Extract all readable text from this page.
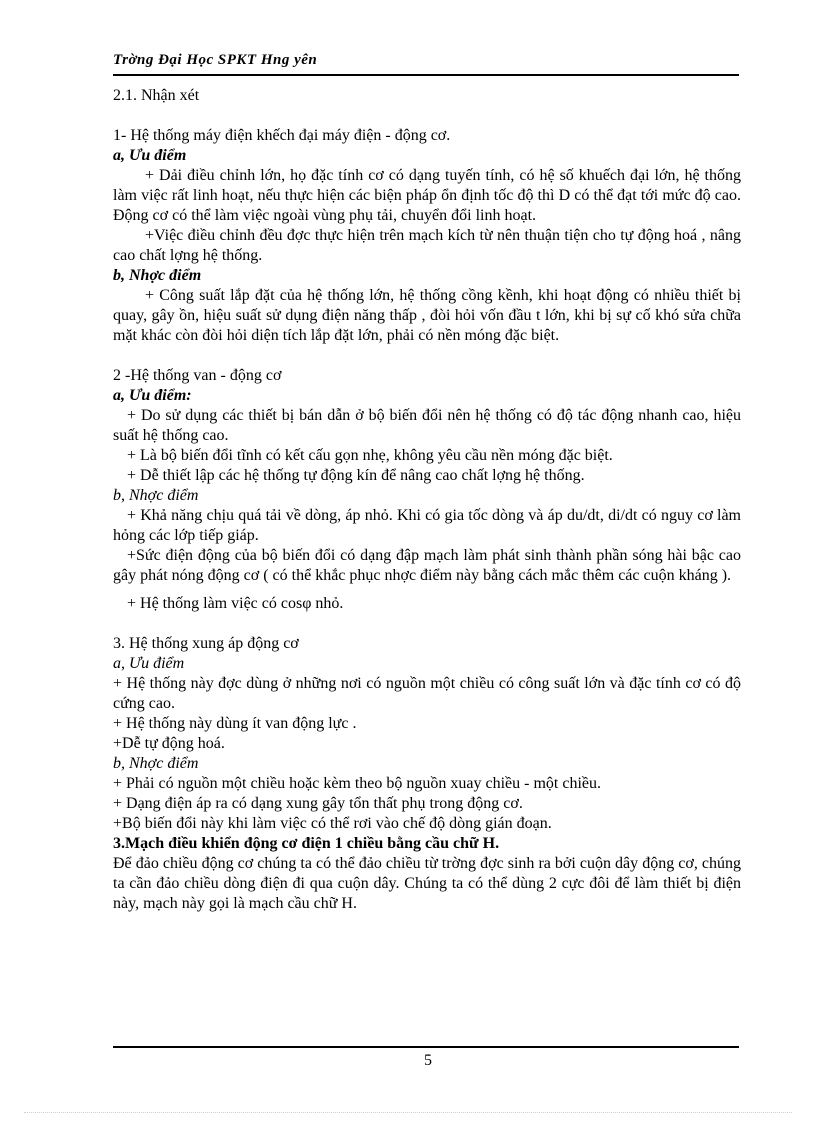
Trờng Đại Học SPKT Hng yên

2.1. Nhận xét

1- Hệ thống máy điện khếch đại máy điện - động cơ.

a, Ưu điểm

+ Dải điều chỉnh lớn, họ đặc tính cơ có dạng tuyến tính, có hệ số khuếch đại lớn, hệ thống làm việc rất linh hoạt, nếu thực hiện các biện pháp ổn định tốc độ thì D có thể đạt tới mức độ cao. Động cơ có thể làm việc ngoài vùng phụ tải, chuyển đổi linh hoạt.

+Việc điều chỉnh đều đợc thực hiện trên mạch kích từ nên thuận tiện cho tự động hoá , nâng cao chất lợng hệ thống.

b, Nhợc điểm

+ Công suất lắp đặt của hệ thống lớn, hệ thống cồng kềnh, khi hoạt động có nhiều thiết bị quay, gây ồn, hiệu suất sử dụng điện năng thấp , đòi hỏi vốn đầu t lớn, khi bị sự cố khó sửa chữa mặt khác còn đòi hỏi diện tích lắp đặt lớn, phải có nền móng đặc biệt.

2 -Hệ thống van - động cơ

a, Ưu điểm:

+ Do sử dụng các thiết bị bán dẫn ở bộ biến đổi nên hệ thống có độ tác động nhanh cao, hiệu suất hệ thống cao.

+ Là bộ biến đổi tĩnh có kết cấu gọn nhẹ, không yêu cầu nền móng đặc biệt.

+ Dễ thiết lập các hệ thống tự động kín để nâng cao chất lợng hệ thống.

b, Nhợc điểm

+ Khả năng chịu quá tải về dòng, áp nhỏ. Khi có gia tốc dòng và áp du/dt, di/dt có nguy cơ làm hỏng các lớp tiếp giáp.

+Sức điện động của bộ biến đổi có dạng đập mạch làm phát sinh thành phần sóng hài bậc cao gây phát nóng động cơ ( có thể khắc phục nhợc điểm này bằng cách mắc thêm các cuộn kháng ).

+ Hệ thống làm việc có cosφ nhỏ.

3. Hệ thống xung áp động cơ

a, Ưu điểm

+ Hệ thống này đợc dùng ở những nơi có nguồn một chiều có công suất lớn và đặc tính cơ có độ cứng cao.

+ Hệ thống này dùng ít van động lực .

+Dễ tự động hoá.

b, Nhợc điểm

+ Phải có nguồn một chiều hoặc kèm theo bộ nguồn xuay chiều - một chiều.

+ Dạng điện áp ra có dạng xung gây tổn thất phụ trong động cơ.

+Bộ biến đổi này khi làm việc có thể rơi vào chế độ dòng gián đoạn.

3.Mạch điều khiển động cơ điện 1 chiều bằng cầu chữ H.

Để đảo chiều động cơ chúng ta có thể đảo chiều từ trờng đợc sinh ra bởi cuộn dây động cơ, chúng ta cần đảo chiều dòng điện đi qua cuộn dây. Chúng ta có thể dùng 2 cực đôi để làm thiết bị điện này, mạch này gọi là mạch cầu chữ H.

5
